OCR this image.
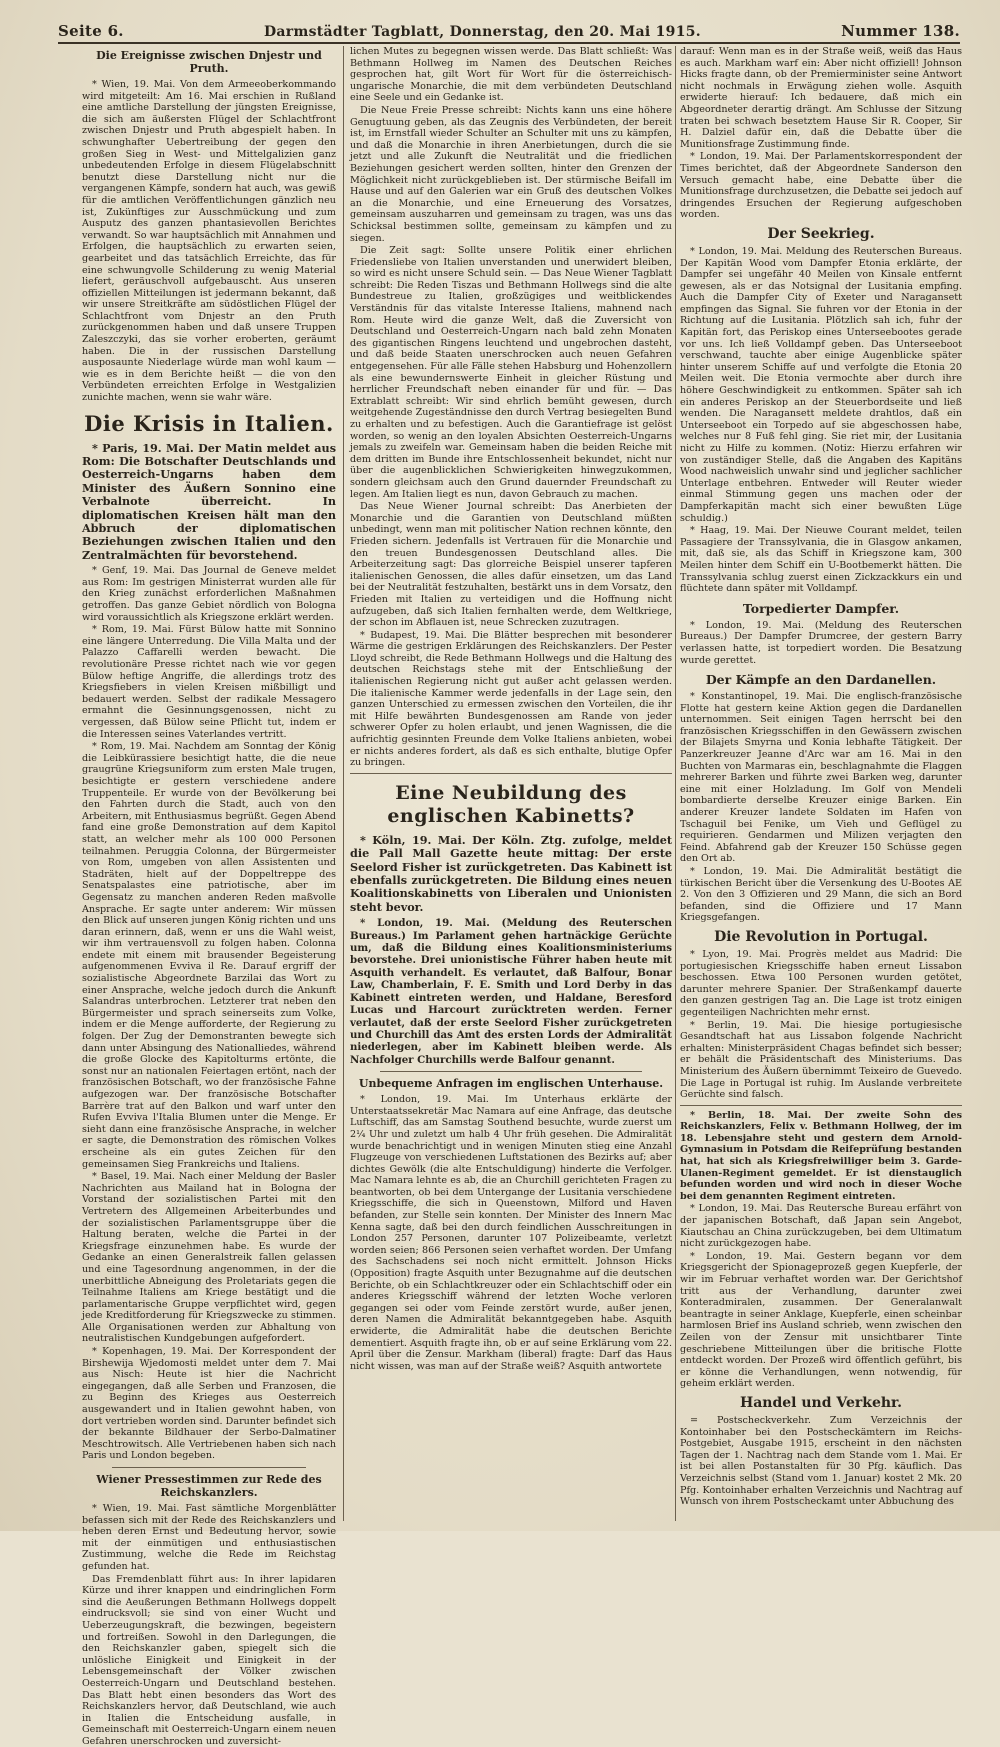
Seite 6.	Darmstädter Tagblatt, Donnerstag, den 20. Mai 1915.	Nummer 138.
Die Ereignisse zwischen Dnjestr und Pruth.

* Wien, 19. Mai. Von dem Armeeoberkommando wird mitgeteilt: Am 16. Mai erschien in Rußland eine amtliche Darstellung der jüngsten Ereignisse, die sich am äußersten Flügel der Schlachtfront zwischen Dnjestr und Pruth abgespielt haben. In schwunghafter Uebertreibung der gegen den großen Sieg in West- und Mittelgalizien ganz unbedeutenden Erfolge in diesem Flügelabschnitt benutzt diese Darstellung nicht nur die vergangenen Kämpfe, sondern hat auch, was gewiß für die amtlichen Veröffentlichungen gänzlich neu ist, Zukünftiges zur Ausschmückung und zum Ausputz des ganzen phantasievollen Berichtes verwandt. So war hauptsächlich mit Annahmen und Erfolgen, die hauptsächlich zu erwarten seien, gearbeitet und das tatsächlich Erreichte, das für eine schwungvolle Schilderung zu wenig Material liefert, geräuschvoll aufgebauscht. Aus unseren offiziellen Mitteilungen ist jedermann bekannt, daß wir unsere Streitkräfte am südöstlichen Flügel der Schlachtfront vom Dnjestr an den Pruth zurückgenommen haben und daß unsere Truppen Zaleszczyki, das sie vorher eroberten, geräumt haben. Die in der russischen Darstellung ausposaunte Niederlage würde man wohl kaum — wie es in dem Berichte heißt — die von den Verbündeten erreichten Erfolge in Westgalizien zunichte machen, wenn sie wahr wäre.

Die Krisis in Italien.
* Paris, 19. Mai. Der Matin meldet aus Rom: Die Botschafter Deutschlands und Oesterreich-Ungarns haben dem Minister des Äußern Sonnino eine Verbalnote überreicht. In diplomatischen Kreisen hält man den Abbruch der diplomatischen Beziehungen zwischen Italien und den Zentralmächten für bevorstehend.

* Genf, 19. Mai. Das Journal de Geneve meldet aus Rom: Im gestrigen Ministerrat wurden alle für den Krieg zunächst erforderlichen Maßnahmen getroffen. Das ganze Gebiet nördlich von Bologna wird voraussichtlich als Kriegszone erklärt werden.

* Rom, 19. Mai. Fürst Bülow hatte mit Sonnino eine längere Unterredung. Die Villa Malta und der Palazzo Caffarelli werden bewacht. Die revolutionäre Presse richtet nach wie vor gegen Bülow heftige Angriffe, die allerdings trotz des Kriegsfiebers in vielen Kreisen mißbilligt und bedauert werden. Selbst der radikale Messagero ermahnt die Gesinnungsgenossen, nicht zu vergessen, daß Bülow seine Pflicht tut, indem er die Interessen seines Vaterlandes vertritt.

* Rom, 19. Mai. Nachdem am Sonntag der König die Leibkürassiere besichtigt hatte, die die neue graugrüne Kriegsuniform zum ersten Male trugen, besichtigte er gestern verschiedene andere Truppenteile. Er wurde von der Bevölkerung bei den Fahrten durch die Stadt, auch von den Arbeitern, mit Enthusiasmus begrüßt. Gegen Abend fand eine große Demonstration auf dem Kapitol statt, an welcher mehr als 100 000 Personen teilnahmen. Peruggia Colonna, der Bürgermeister von Rom, umgeben von allen Assistenten und Stadräten, hielt auf der Doppeltreppe des Senatspalastes eine patriotische, aber im Gegensatz zu manchen anderen Reden maßvolle Ansprache. Er sagte unter anderem: Wir müssen den Blick auf unseren jungen König richten und uns daran erinnern, daß, wenn er uns die Wahl weist, wir ihm vertrauensvoll zu folgen haben. Colonna endete mit einem mit brausender Begeisterung aufgenommenen Evviva il Re. Darauf ergriff der sozialistische Abgeordnete Barzilai das Wort zu einer Ansprache, welche jedoch durch die Ankunft Salandras unterbrochen. Letzterer trat neben den Bürgermeister und sprach seinerseits zum Volke, indem er die Menge aufforderte, der Regierung zu folgen. Der Zug der Demonstranten bewegte sich dann unter Absingung des Nationalliedes, während die große Glocke des Kapitolturms ertönte, die sonst nur an nationalen Feiertagen ertönt, nach der französischen Botschaft, wo der französische Fahne aufgezogen war. Der französische Botschafter Barrère trat auf den Balkon und warf unter den Rufen Evviva l'Italia Blumen unter die Menge. Er sieht dann eine französische Ansprache, in welcher er sagte, die Demonstration des römischen Volkes erscheine als ein gutes Zeichen für den gemeinsamen Sieg Frankreichs und Italiens.

* Basel, 19. Mai. Nach einer Meldung der Basler Nachrichten aus Mailand hat in Bologna der Vorstand der sozialistischen Partei mit den Vertretern des Allgemeinen Arbeiterbundes und der sozialistischen Parlamentsgruppe über die Haltung beraten, welche die Partei in der Kriegsfrage einzunehmen habe. Es wurde der Gedanke an einen Generalstreik fallen gelassen und eine Tagesordnung angenommen, in der die unerbittliche Abneigung des Proletariats gegen die Teilnahme Italiens am Kriege bestätigt und die parlamentarische Gruppe verpflichtet wird, gegen jede Kreditforderung für Kriegszwecke zu stimmen. Alle Organisationen werden zur Abhaltung von neutralistischen Kundgebungen aufgefordert.

* Kopenhagen, 19. Mai. Der Korrespondent der Birshewija Wjedomosti meldet unter dem 7. Mai aus Nisch: Heute ist hier die Nachricht eingegangen, daß alle Serben und Franzosen, die zu Beginn des Krieges aus Oesterreich ausgewandert und in Italien gewohnt haben, von dort vertrieben worden sind. Darunter befindet sich der bekannte Bildhauer der Serbo-Dalmatiner Meschtrowitsch. Alle Vertriebenen haben sich nach Paris und London begeben.

Wiener Pressestimmen zur Rede des Reichskanzlers.

* Wien, 19. Mai. Fast sämtliche Morgenblätter befassen sich mit der Rede des Reichskanzlers und heben deren Ernst und Bedeutung hervor, sowie mit der einmütigen und enthusiastischen Zustimmung, welche die Rede im Reichstag gefunden hat.

Das Fremdenblatt führt aus: In ihrer lapidaren Kürze und ihrer knappen und eindringlichen Form sind die Aeußerungen Bethmann Hollwegs doppelt eindrucksvoll; sie sind von einer Wucht und Ueberzeugungskraft, die bezwingen, begeistern und fortreißen. Sowohl in den Darlegungen, die den Reichskanzler gaben, spiegelt sich die unlösliche Einigkeit und Einigkeit in der Lebensgemeinschaft der Völker zwischen Oesterreich-Ungarn und Deutschland bestehen. Das Blatt hebt einen besonders das Wort des Reichskanzlers hervor, daß Deutschland, wie auch in Italien die Entscheidung ausfalle, in Gemeinschaft mit Oesterreich-Ungarn einem neuen Gefahren unerschrocken und zuversicht-

lichen Mutes zu begegnen wissen werde. Das Blatt schließt: Was Bethmann Hollweg im Namen des Deutschen Reiches gesprochen hat, gilt Wort für Wort für die österreichisch-ungarische Monarchie, die mit dem verbündeten Deutschland eine Seele und ein Gedanke ist.

Die Neue Freie Presse schreibt: Nichts kann uns eine höhere Genugtuung geben, als das Zeugnis des Verbündeten, der bereit ist, im Ernstfall wieder Schulter an Schulter mit uns zu kämpfen, und daß die Monarchie in ihren Anerbietungen, durch die sie jetzt und alle Zukunft die Neutralität und die friedlichen Beziehungen gesichert werden sollten, hinter den Grenzen der Möglichkeit nicht zurückgeblieben ist. Der stürmische Beifall im Hause und auf den Galerien war ein Gruß des deutschen Volkes an die Monarchie, und eine Erneuerung des Vorsatzes, gemeinsam auszuharren und gemeinsam zu tragen, was uns das Schicksal bestimmen sollte, gemeinsam zu kämpfen und zu siegen.

Die Zeit sagt: Sollte unsere Politik einer ehrlichen Friedensliebe von Italien unverstanden und unerwidert bleiben, so wird es nicht unsere Schuld sein. — Das Neue Wiener Tagblatt schreibt: Die Reden Tiszas und Bethmann Hollwegs sind die alte Bundestreue zu Italien, großzügiges und weitblickendes Verständnis für das vitalste Interesse Italiens, mahnend nach Rom. Heute wird die ganze Welt, daß die Zuversicht von Deutschland und Oesterreich-Ungarn nach bald zehn Monaten des gigantischen Ringens leuchtend und ungebrochen dasteht, und daß beide Staaten unerschrocken auch neuen Gefahren entgegensehen. Für alle Fälle stehen Habsburg und Hohenzollern als eine bewundernswerte Einheit in gleicher Rüstung und herrlicher Freundschaft neben einander für und für. — Das Extrablatt schreibt: Wir sind ehrlich bemüht gewesen, durch weitgehende Zugeständnisse den durch Vertrag besiegelten Bund zu erhalten und zu befestigen. Auch die Garantiefrage ist gelöst worden, so wenig an den loyalen Absichten Oesterreich-Ungarns jemals zu zweifeln war. Gemeinsam haben die beiden Reiche mit dem dritten im Bunde ihre Entschlossenheit bekundet, nicht nur über die augenblicklichen Schwierigkeiten hinwegzukommen, sondern gleichsam auch den Grund dauernder Freundschaft zu legen. Am Italien liegt es nun, davon Gebrauch zu machen.

Das Neue Wiener Journal schreibt: Das Anerbieten der Monarchie und die Garantien von Deutschland müßten unbedingt, wenn man mit politischer Nation rechnen könnte, den Frieden sichern. Jedenfalls ist Vertrauen für die Monarchie und den treuen Bundesgenossen Deutschland alles. Die Arbeiterzeitung sagt: Das glorreiche Beispiel unserer tapferen italienischen Genossen, die alles dafür einsetzen, um das Land bei der Neutralität festzuhalten, bestärkt uns in dem Vorsatz, den Frieden mit Italien zu verteidigen und die Hoffnung nicht aufzugeben, daß sich Italien fernhalten werde, dem Weltkriege, der schon im Abflauen ist, neue Schrecken zuzutragen.

* Budapest, 19. Mai. Die Blätter besprechen mit besonderer Wärme die gestrigen Erklärungen des Reichskanzlers. Der Pester Lloyd schreibt, die Rede Bethmann Hollwegs und die Haltung des deutschen Reichstags stehe mit der Entschließung der italienischen Regierung nicht gut außer acht gelassen werden. Die italienische Kammer werde jedenfalls in der Lage sein, den ganzen Unterschied zu ermessen zwischen den Vorteilen, die ihr mit Hilfe bewährten Bundesgenossen am Rande von jeder schwerer Opfer zu holen erlaubt, und jenen Wagnissen, die die aufrichtig gesinnten Freunde dem Volke Italiens anbieten, wobei er nichts anderes fordert, als daß es sich enthalte, blutige Opfer zu bringen.

Eine Neubildung des englischen Kabinetts?
* Köln, 19. Mai. Der Köln. Ztg. zufolge, meldet die Pall Mall Gazette heute mittag: Der erste Seelord Fisher ist zurückgetreten. Das Kabinett ist ebenfalls zurückgetreten. Die Bildung eines neuen Koalitionskabinetts von Liberalen und Unionisten steht bevor.
* London, 19. Mai. (Meldung des Reuterschen Bureaus.) Im Parlament gehen hartnäckige Gerüchte um, daß die Bildung eines Koalitionsministeriums bevorstehe. Drei unionistische Führer haben heute mit Asquith verhandelt. Es verlautet, daß Balfour, Bonar Law, Chamberlain, F. E. Smith und Lord Derby in das Kabinett eintreten werden, und Haldane, Beresford Lucas und Harcourt zurücktreten werden. Ferner verlautet, daß der erste Seelord Fisher zurückgetreten und Churchill das Amt des ersten Lords der Admiralität niederlegen, aber im Kabinett bleiben werde. Als Nachfolger Churchills werde Balfour genannt.
Unbequeme Anfragen im englischen Unterhause.

* London, 19. Mai. Im Unterhaus erklärte der Unterstaatssekretär Mac Namara auf eine Anfrage, das deutsche Luftschiff, das am Samstag Southend besuchte, wurde zuerst um 2¼ Uhr und zuletzt um halb 4 Uhr früh gesehen. Die Admiralität wurde benachrichtigt und in wenigen Minuten stieg eine Anzahl Flugzeuge von verschiedenen Luftstationen des Bezirks auf; aber dichtes Gewölk (die alte Entschuldigung) hinderte die Verfolger. Mac Namara lehnte es ab, die an Churchill gerichteten Fragen zu beantworten, ob bei dem Untergange der Lusitania verschiedene Kriegsschiffe, die sich in Queenstown, Milford und Haven befanden, zur Stelle sein konnten. Der Minister des Innern Mac Kenna sagte, daß bei den durch feindlichen Ausschreitungen in London 257 Personen, darunter 107 Polizeibeamte, verletzt worden seien; 866 Personen seien verhaftet worden. Der Umfang des Sachschadens sei noch nicht ermittelt. Johnson Hicks (Opposition) fragte Asquith unter Bezugnahme auf die deutschen Berichte, ob ein Schlachtkreuzer oder ein Schlachtschiff oder ein anderes Kriegsschiff während der letzten Woche verloren gegangen sei oder vom Feinde zerstört wurde, außer jenen, deren Namen die Admiralität bekanntgegeben habe. Asquith erwiderte, die Admiralität habe die deutschen Berichte dementiert. Asquith fragte ihn, ob er auf seine Erklärung vom 22. April über die Zensur. Markham (liberal) fragte: Darf das Haus nicht wissen, was man auf der Straße weiß? Asquith antwortete

darauf: Wenn man es in der Straße weiß, weiß das Haus es auch. Markham warf ein: Aber nicht offiziell! Johnson Hicks fragte dann, ob der Premierminister seine Antwort nicht nochmals in Erwägung ziehen wolle. Asquith erwiderte hierauf: Ich bedauere, daß mich ein Abgeordneter derartig drängt. Am Schlusse der Sitzung traten bei schwach besetztem Hause Sir R. Cooper, Sir H. Dalziel dafür ein, daß die Debatte über die Munitionsfrage Zustimmung finde.

* London, 19. Mai. Der Parlamentskorrespondent der Times berichtet, daß der Abgeordnete Sanderson den Versuch gemacht habe, eine Debatte über die Munitionsfrage durchzusetzen, die Debatte sei jedoch auf dringendes Ersuchen der Regierung aufgeschoben worden.

Der Seekrieg.

* London, 19. Mai. Meldung des Reuterschen Bureaus. Der Kapitän Wood vom Dampfer Etonia erklärte, der Dampfer sei ungefähr 40 Meilen von Kinsale entfernt gewesen, als er das Notsignal der Lusitania empfing. Auch die Dampfer City of Exeter und Naragansett empfingen das Signal. Sie fuhren vor der Etonia in der Richtung auf die Lusitania. Plötzlich sah ich, fuhr der Kapitän fort, das Periskop eines Unterseebootes gerade vor uns. Ich ließ Volldampf geben. Das Unterseeboot verschwand, tauchte aber einige Augenblicke später hinter unserem Schiffe auf und verfolgte die Etonia 20 Meilen weit. Die Etonia vermochte aber durch ihre höhere Geschwindigkeit zu entkommen. Später sah ich ein anderes Periskop an der Steuerbordseite und ließ wenden. Die Naragansett meldete drahtlos, daß ein Unterseeboot ein Torpedo auf sie abgeschossen habe, welches nur 8 Fuß fehl ging. Sie riet mir, der Lusitania nicht zu Hilfe zu kommen. (Notiz: Hierzu erfahren wir von zuständiger Stelle, daß die Angaben des Kapitäns Wood nachweislich unwahr sind und jeglicher sachlicher Unterlage entbehren. Entweder will Reuter wieder einmal Stimmung gegen uns machen oder der Dampferkapitän macht sich einer bewußten Lüge schuldig.)

* Haag, 19. Mai. Der Nieuwe Courant meldet, teilen Passagiere der Transsylvania, die in Glasgow ankamen, mit, daß sie, als das Schiff in Kriegszone kam, 300 Meilen hinter dem Schiff ein U-Bootbemerkt hätten. Die Transsylvania schlug zuerst einen Zickzackkurs ein und flüchtete dann später mit Volldampf.

Torpedierter Dampfer.

* London, 19. Mai. (Meldung des Reuterschen Bureaus.) Der Dampfer Drumcree, der gestern Barry verlassen hatte, ist torpediert worden. Die Besatzung wurde gerettet.

Der Kämpfe an den Dardanellen.

* Konstantinopel, 19. Mai. Die englisch-französische Flotte hat gestern keine Aktion gegen die Dardanellen unternommen. Seit einigen Tagen herrscht bei den französischen Kriegsschiffen in den Gewässern zwischen der Bilajets Smyrna und Konia lebhafte Tätigkeit. Der Panzerkreuzer Jeanne d'Arc war am 16. Mai in den Buchten von Marmaras ein, beschlagnahmte die Flaggen mehrerer Barken und führte zwei Barken weg, darunter eine mit einer Holzladung. Im Golf von Mendeli bombardierte derselbe Kreuzer einige Barken. Ein anderer Kreuzer landete Soldaten im Hafen von Tschaguil bei Fenike, um Vieh und Geflügel zu requirieren. Gendarmen und Milizen verjagten den Feind. Abfahrend gab der Kreuzer 150 Schüsse gegen den Ort ab.

* London, 19. Mai. Die Admiralität bestätigt die türkischen Bericht über die Versenkung des U-Bootes AE 2. Von den 3 Offizieren und 29 Mann, die sich an Bord befanden, sind die Offiziere und 17 Mann Kriegsgefangen.

Die Revolution in Portugal.

* Lyon, 19. Mai. Progrès meldet aus Madrid: Die portugiesischen Kriegsschiffe haben erneut Lissabon beschossen. Etwa 100 Personen wurden getötet, darunter mehrere Spanier. Der Straßenkampf dauerte den ganzen gestrigen Tag an. Die Lage ist trotz einigen gegenteiligen Nachrichten mehr ernst.

* Berlin, 19. Mai. Die hiesige portugiesische Gesandtschaft hat aus Lissabon folgende Nachricht erhalten: Ministerpräsident Chagas befindet sich besser; er behält die Präsidentschaft des Ministeriums. Das Ministerium des Äußern übernimmt Teixeiro de Guevedo. Die Lage in Portugal ist ruhig. Im Auslande verbreitete Gerüchte sind falsch.

* Berlin, 18. Mai. Der zweite Sohn des Reichskanzlers, Felix v. Bethmann Hollweg, der im 18. Lebensjahre steht und gestern dem Arnold-Gymnasium in Potsdam die Reifeprüfung bestanden hat, hat sich als Kriegsfreiwilliger beim 3. Garde-Ulanen-Regiment gemeldet. Er ist dienstauglich befunden worden und wird noch in dieser Woche bei dem genannten Regiment eintreten.

* London, 19. Mai. Das Reutersche Bureau erfährt von der japanischen Botschaft, daß Japan sein Angebot, Kiautschau an China zurückzugeben, bei dem Ultimatum nicht zurückgezogen habe.

* London, 19. Mai. Gestern begann vor dem Kriegsgericht der Spionageprozeß gegen Kuepferle, der wir im Februar verhaftet worden war. Der Gerichtshof tritt aus der Verhandlung, darunter zwei Konteradmiralen, zusammen. Der Generalanwalt beantragte in seiner Anklage, Kuepferle, einen scheinbar harmlosen Brief ins Ausland schrieb, wenn zwischen den Zeilen von der Zensur mit unsichtbarer Tinte geschriebene Mitteilungen über die britische Flotte entdeckt worden. Der Prozeß wird öffentlich geführt, bis er könne die Verhandlungen, wenn notwendig, für geheim erklärt werden.

Handel und Verkehr.

= Postscheckverkehr. Zum Verzeichnis der Kontoinhaber bei den Postscheckämtern im Reichs-Postgebiet, Ausgabe 1915, erscheint in den nächsten Tagen der 1. Nachtrag nach dem Stande vom 1. Mai. Er ist bei allen Postanstalten für 30 Pfg. käuflich. Das Verzeichnis selbst (Stand vom 1. Januar) kostet 2 Mk. 20 Pfg. Kontoinhaber erhalten Verzeichnis und Nachtrag auf Wunsch von ihrem Postscheckamt unter Abbuchung des
